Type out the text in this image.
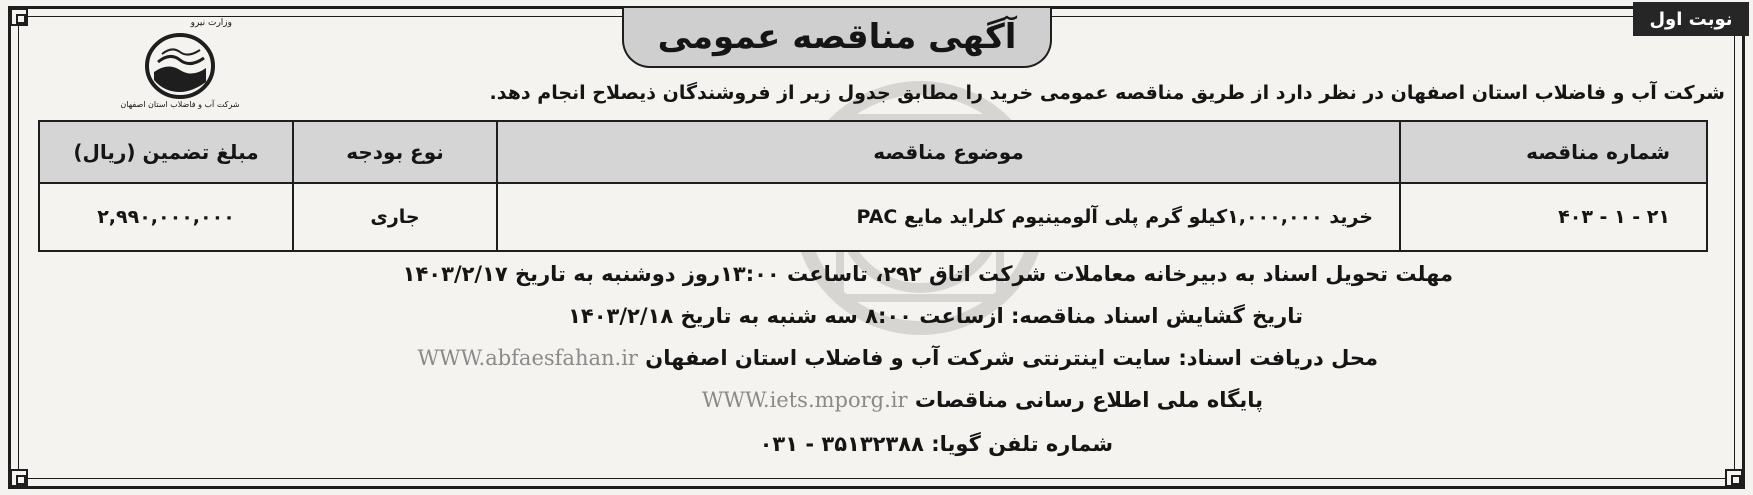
نوبت اول
آگهی مناقصه عمومی
وزارت نیرو
شرکت آب و فاضلاب استان اصفهان
شرکت آب و فاضلاب استان اصفهان در نظر دارد از طریق مناقصه عمومی خرید را مطابق جدول زیر از فروشندگان ذیصلاح انجام دهد.
شماره مناقصه	موضوع مناقصه	نوع بودجه	مبلغ تضمین (ریال)
۲۱ - ۱ - ۴۰۳	خرید ۱,۰۰۰,۰۰۰کیلو گرم پلی آلومینیوم کلراید مایع PAC	جاری	۲,۹۹۰,۰۰۰,۰۰۰
مهلت تحویل اسناد به دبیرخانه معاملات شرکت اتاق ۲۹۲، تاساعت ۱۳:۰۰روز دوشنبه به تاریخ ۱۴۰۳/۲/۱۷
تاریخ گشایش اسناد مناقصه: ازساعت ۸:۰۰ سه شنبه به تاریخ ۱۴۰۳/۲/۱۸
محل دریافت اسناد: سایت اینترنتی شرکت آب و فاضلاب استان اصفهان WWW.abfaesfahan.ir
پایگاه ملی اطلاع رسانی مناقصات WWW.iets.mporg.ir
شماره تلفن گویا: ۳۵۱۳۲۳۸۸ - ۰۳۱
